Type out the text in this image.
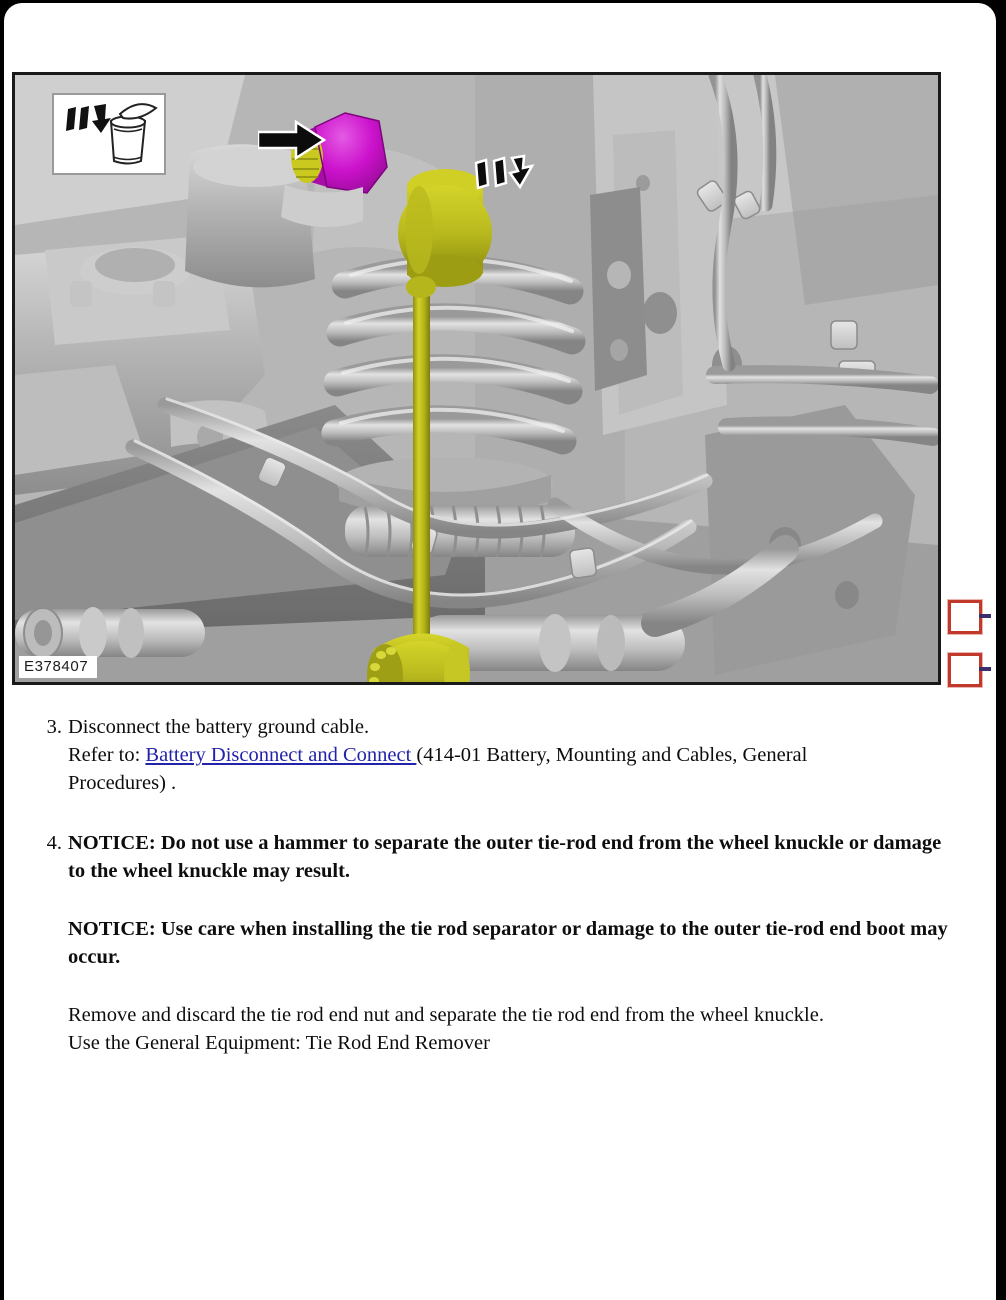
E378407
3. Disconnect the battery ground cable.
Refer to: Battery Disconnect and Connect (414-01 Battery, Mounting and Cables, General
Procedures) .
4. NOTICE: Do not use a hammer to separate the outer tie-rod end from the wheel knuckle or damage to the wheel knuckle may result.
NOTICE: Use care when installing the tie rod separator or damage to the outer tie-rod end boot may occur.
Remove and discard the tie rod end nut and separate the tie rod end from the wheel knuckle.
Use the General Equipment: Tie Rod End Remover
